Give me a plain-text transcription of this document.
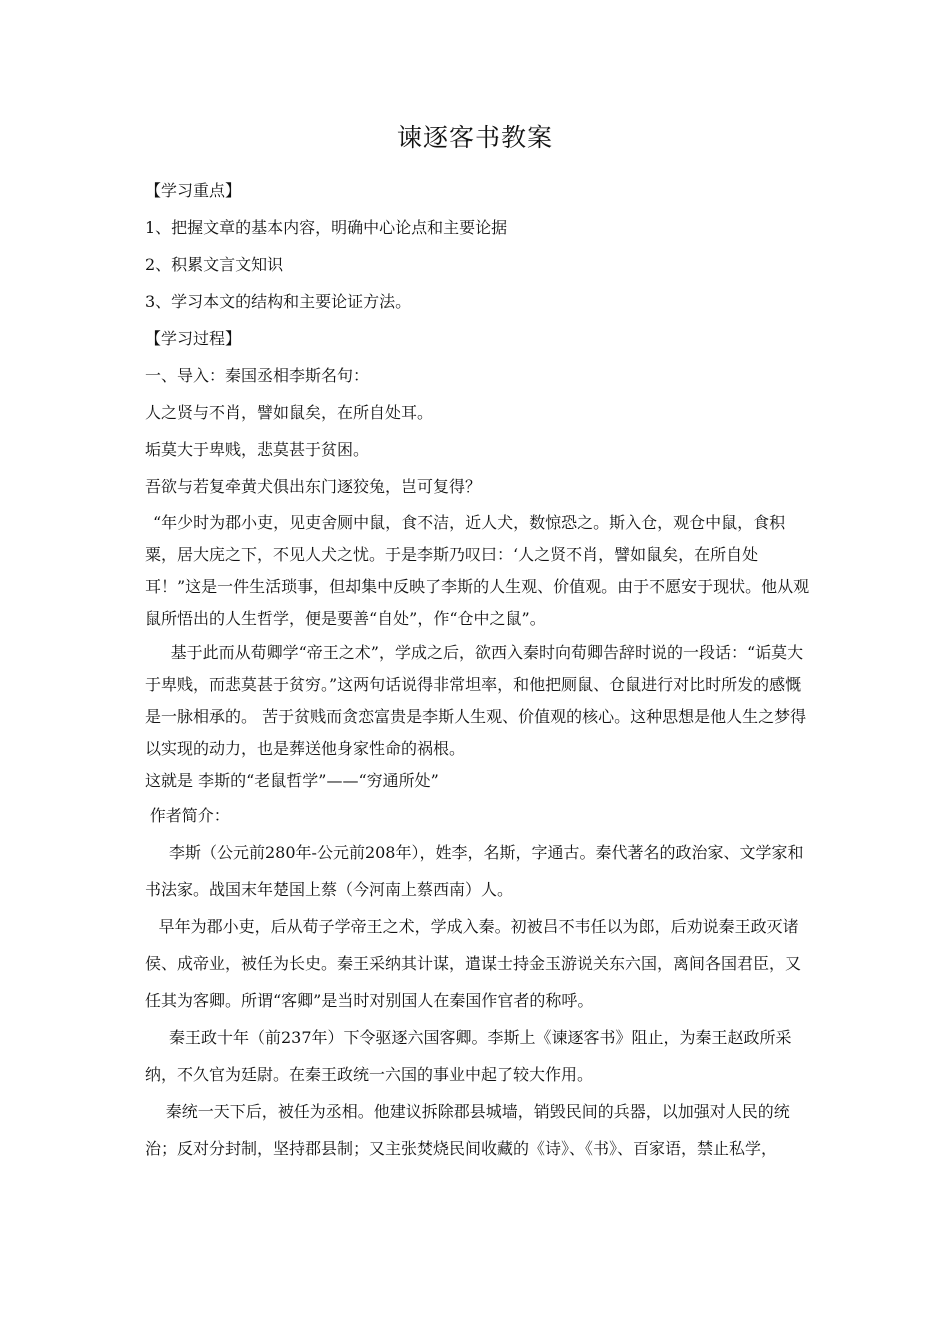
谏逐客书教案

【学习重点】

1、把握文章的基本内容，明确中心论点和主要论据

2、积累文言文知识

3、学习本文的结构和主要论证方法。

【学习过程】

一、导入：秦国丞相李斯名句：

人之贤与不肖，譬如鼠矣，在所自处耳。

垢莫大于卑贱，悲莫甚于贫困。

吾欲与若复牵黄犬俱出东门逐狡兔，岂可复得？

“年少时为郡小吏，见吏舍厕中鼠，食不洁，近人犬，数惊恐之。斯入仓，观仓中鼠，食积粟，居大庑之下，不见人犬之忧。于是李斯乃叹曰：‘人之贤不肖，譬如鼠矣，在所自处耳！”这是一件生活琐事，但却集中反映了李斯的人生观、价值观。由于不愿安于现状。他从观鼠所悟出的人生哲学，便是要善“自处”，作“仓中之鼠”。

基于此而从荀卿学“帝王之术”，学成之后，欲西入秦时向荀卿告辞时说的一段话：“诟莫大于卑贱，而悲莫甚于贫穷。”这两句话说得非常坦率，和他把厕鼠、仓鼠进行对比时所发的感慨是一脉相承的。 苦于贫贱而贪恋富贵是李斯人生观、价值观的核心。这种思想是他人生之梦得以实现的动力，也是葬送他身家性命的祸根。

这就是 李斯的“老鼠哲学”——“穷通所处”

作者简介：

李斯（公元前280年-公元前208年），姓李，名斯，字通古。秦代著名的政治家、文学家和书法家。战国末年楚国上蔡（今河南上蔡西南）人。

早年为郡小吏，后从荀子学帝王之术，学成入秦。初被吕不韦任以为郎，后劝说秦王政灭诸侯、成帝业，被任为长史。秦王采纳其计谋，遣谋士持金玉游说关东六国，离间各国君臣，又任其为客卿。所谓“客卿”是当时对别国人在秦国作官者的称呼。

秦王政十年（前237年）下令驱逐六国客卿。李斯上《谏逐客书》阻止，为秦王赵政所采纳，不久官为廷尉。在秦王政统一六国的事业中起了较大作用。

秦统一天下后，被任为丞相。他建议拆除郡县城墙，销毁民间的兵器，以加强对人民的统治；反对分封制，坚持郡县制；又主张焚烧民间收藏的《诗》、《书》、百家语，禁止私学，
